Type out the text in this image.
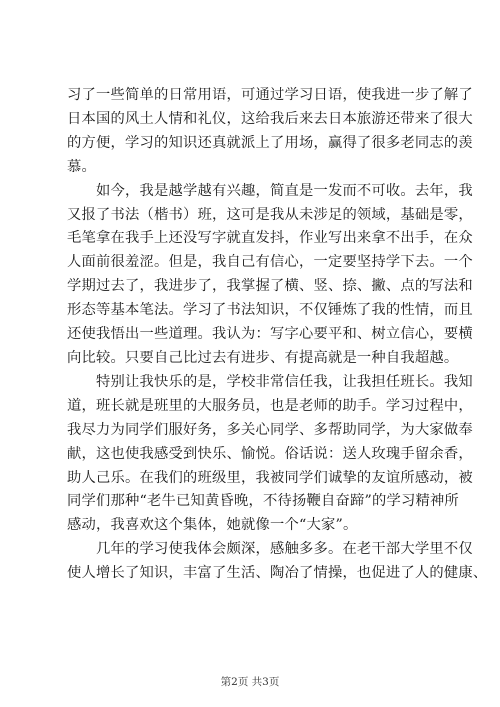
习了一些简单的日常用语，可通过学习日语，使我进一步了解了
日本国的风土人情和礼仪，这给我后来去日本旅游还带来了很大
的方便，学习的知识还真就派上了用场，赢得了很多老同志的羡
慕。

　　如今，我是越学越有兴趣，简直是一发而不可收。去年，我
又报了书法（楷书）班，这可是我从未涉足的领域，基础是零，
毛笔拿在我手上还没写字就直发抖，作业写出来拿不出手，在众
人面前很羞涩。但是，我自己有信心，一定要坚持学下去。一个
学期过去了，我进步了，我掌握了横、竖、捺、撇、点的写法和
形态等基本笔法。学习了书法知识，不仅锤炼了我的性情，而且
还使我悟出一些道理。我认为：写字心要平和、树立信心，要横
向比较。只要自己比过去有进步、有提高就是一种自我超越。

　　特别让我快乐的是，学校非常信任我，让我担任班长。我知
道，班长就是班里的大服务员，也是老师的助手。学习过程中，
我尽力为同学们服好务，多关心同学、多帮助同学，为大家做奉
献，这也使我感受到快乐、愉悦。俗话说：送人玫瑰手留余香，
助人己乐。在我们的班级里，我被同学们诚挚的友谊所感动，被
同学们那种“老牛已知黄昏晚，不待扬鞭自奋蹄”的学习精神所
感动，我喜欢这个集体，她就像一个“大家”。

　　几年的学习使我体会颇深，感触多多。在老干部大学里不仅
使人增长了知识，丰富了生活、陶冶了情操，也促进了人的健康、

第2页 共3页
